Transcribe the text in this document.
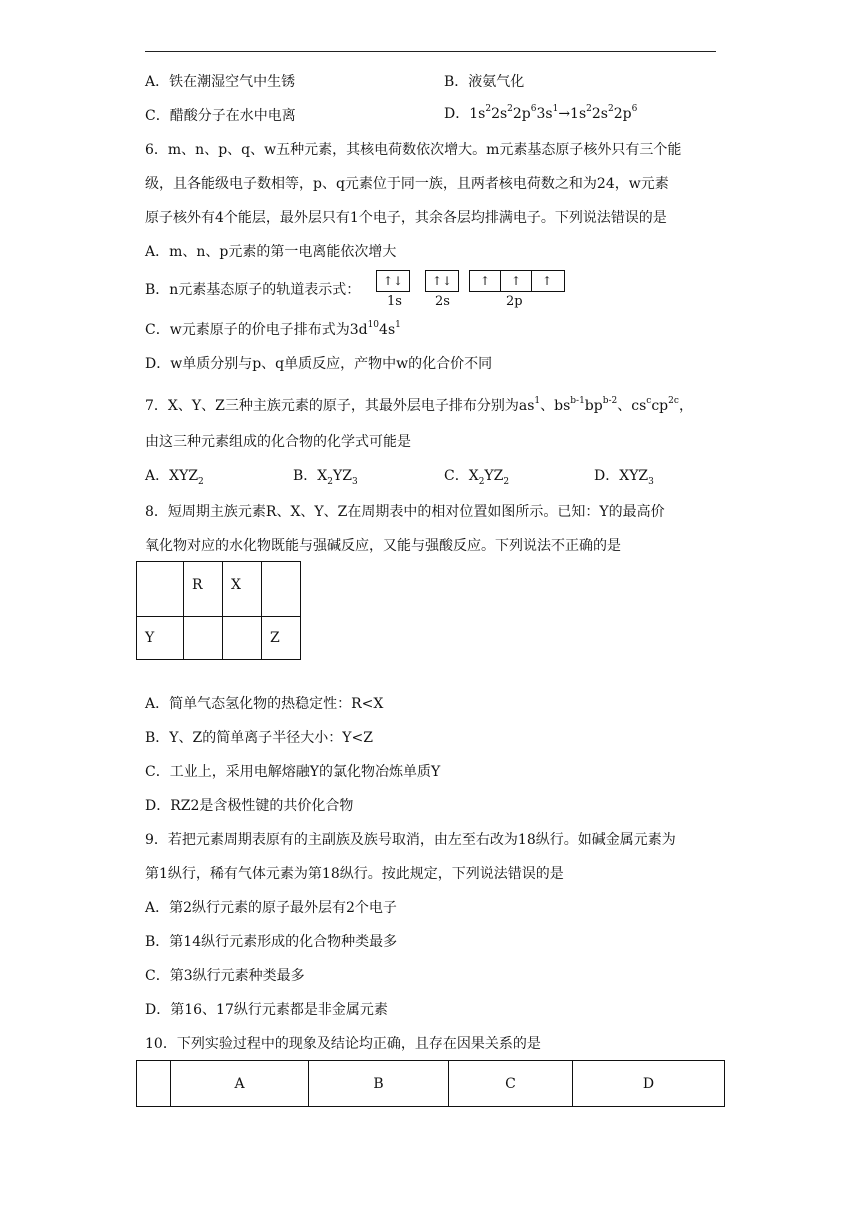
A．铁在潮湿空气中生锈	B．液氨气化
C．醋酸分子在水中电离	D．$1s^22s^22p^63s^1\to 1s^22s^22p^6$
6．m、n、p、q、w五种元素，其核电荷数依次增大。m元素基态原子核外只有三个能
级，且各能级电子数相等，p、q元素位于同一族，且两者核电荷数之和为24，w元素
原子核外有4个能层，最外层只有1个电子，其余各层均排满电子。下列说法错误的是
A．m、n、p元素的第一电离能依次增大
B．n元素基态原子的轨道表示式：
↑↓	↑↓	↑ ↑ ↑
1s	2s	2p
C．w元素原子的价电子排布式为$3d^{10}4s^1$
D．w单质分别与p、q单质反应，产物中w的化合价不同
7．X、Y、Z三种主族元素的原子，其最外层电子排布分别为$as^1$、$bs^{b-1}bp^{b-2}$、$cs^ccp^{2c}$，
由这三种元素组成的化合物的化学式可能是
A．$XYZ_2$	B．$X_2YZ_3$	C．$X_2YZ_2$	D．$XYZ_3$
8．短周期主族元素R、X、Y、Z在周期表中的相对位置如图所示。已知：Y的最高价
氧化物对应的水化物既能与强碱反应，又能与强酸反应。下列说法不正确的是
	R	X	
Y			Z
A．简单气态氢化物的热稳定性：R<X
B．Y、Z的简单离子半径大小：Y<Z
C．工业上，采用电解熔融Y的氯化物冶炼单质Y
D．RZ2是含极性键的共价化合物
9．若把元素周期表原有的主副族及族号取消，由左至右改为18纵行。如碱金属元素为
第1纵行，稀有气体元素为第18纵行。按此规定，下列说法错误的是
A．第2纵行元素的原子最外层有2个电子
B．第14纵行元素形成的化合物种类最多
C．第3纵行元素种类最多
D．第16、17纵行元素都是非金属元素
10．下列实验过程中的现象及结论均正确，且存在因果关系的是
	A	B	C	D
